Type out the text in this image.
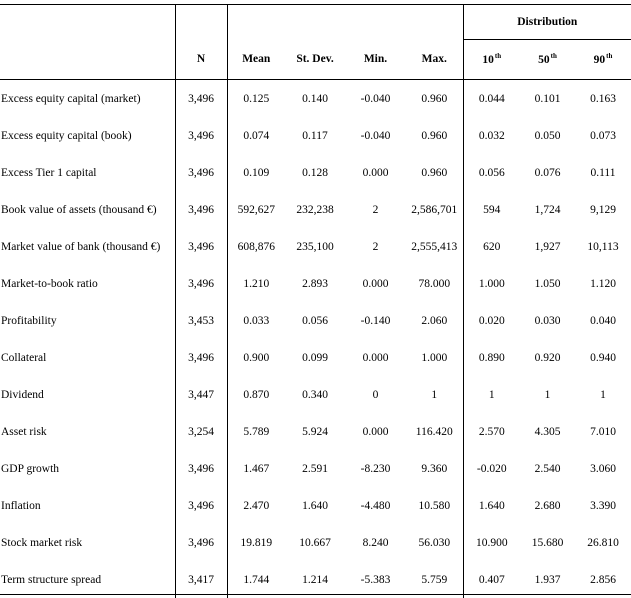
						Distribution		
	N	Mean	St. Dev.	Min.	Max.	10th	50th	90th
Excess equity capital (market)	3,496	0.125	0.140	-0.040	0.960	0.044	0.101	0.163
Excess equity capital (book)	3,496	0.074	0.117	-0.040	0.960	0.032	0.050	0.073
Excess Tier 1 capital	3,496	0.109	0.128	0.000	0.960	0.056	0.076	0.111
Book value of assets (thousand €)	3,496	592,627	232,238	2	2,586,701	594	1,724	9,129
Market value of bank (thousand €)	3,496	608,876	235,100	2	2,555,413	620	1,927	10,113
Market-to-book ratio	3,496	1.210	2.893	0.000	78.000	1.000	1.050	1.120
Profitability	3,453	0.033	0.056	-0.140	2.060	0.020	0.030	0.040
Collateral	3,496	0.900	0.099	0.000	1.000	0.890	0.920	0.940
Dividend	3,447	0.870	0.340	0	1	1	1	1
Asset risk	3,254	5.789	5.924	0.000	116.420	2.570	4.305	7.010
GDP growth	3,496	1.467	2.591	-8.230	9.360	-0.020	2.540	3.060
Inflation	3,496	2.470	1.640	-4.480	10.580	1.640	2.680	3.390
Stock market risk	3,496	19.819	10.667	8.240	56.030	10.900	15.680	26.810
Term structure spread	3,417	1.744	1.214	-5.383	5.759	0.407	1.937	2.856
